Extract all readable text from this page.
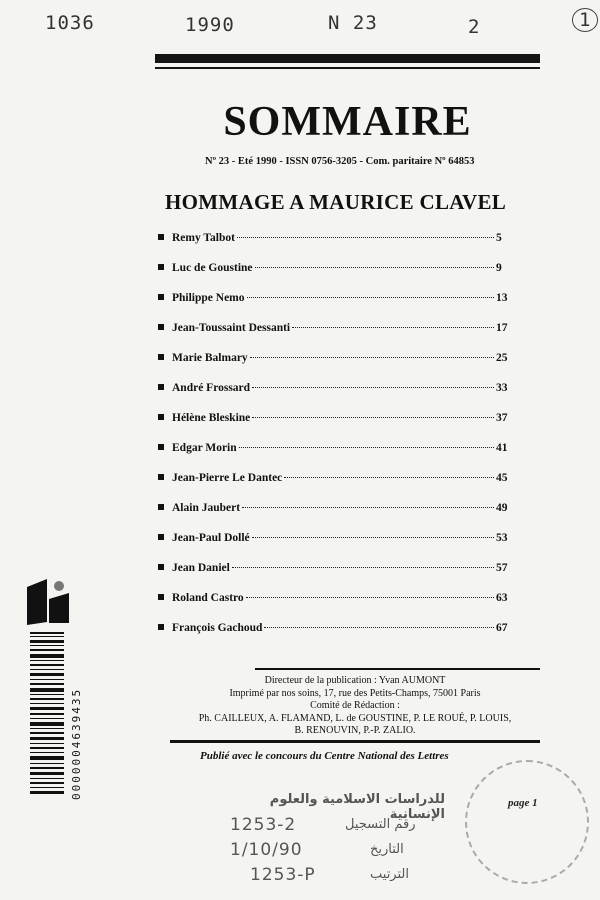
1036	1990	N 23	2	1
SOMMAIRE
Nº 23 - Eté 1990 - ISSN 0756-3205 - Com. paritaire Nº 64853
HOMMAGE A MAURICE CLAVEL
Remy Talbot	5
Luc de Goustine	9
Philippe Nemo	13
Jean-Toussaint Dessanti	17
Marie Balmary	25
André Frossard	33
Hélène Bleskine	37
Edgar Morin	41
Jean-Pierre Le Dantec	45
Alain Jaubert	49
Jean-Paul Dollé	53
Jean Daniel	57
Roland Castro	63
François Gachoud	67
0000004639435
Directeur de la publication : Yvan AUMONT
Imprimé par nos soins, 17, rue des Petits-Champs, 75001 Paris
Comité de Rédaction :
Ph. CAILLEUX, A. FLAMAND, L. de GOUSTINE, P. LE ROUÉ, P. LOUIS,
B. RENOUVIN, P.-P. ZALIO.
Publié avec le concours du Centre National des Lettres
للدراسات الاسلامية والعلوم الإنسانية
رقم التسجيل
1253-2
التاريخ
1/10/90
الترتيب
1253-P
page 1
